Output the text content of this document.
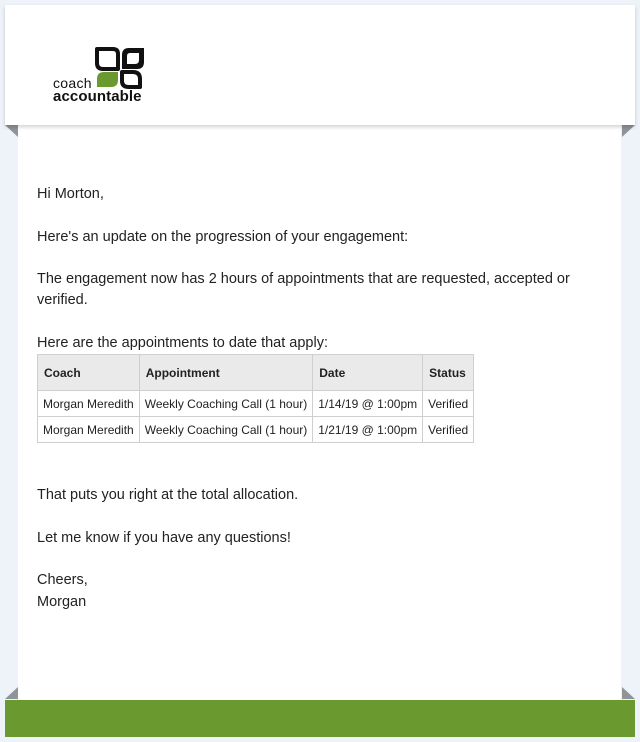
coach
accountable

Hi Morton,

Here's an update on the progression of your engagement:

The engagement now has 2 hours of appointments that are requested, accepted or verified.

Here are the appointments to date that apply:

Coach	Appointment	Date	Status
Morgan Meredith	Weekly Coaching Call (1 hour)	1/14/19 @ 1:00pm	Verified
Morgan Meredith	Weekly Coaching Call (1 hour)	1/21/19 @ 1:00pm	Verified

That puts you right at the total allocation.

Let me know if you have any questions!

Cheers,

Morgan
